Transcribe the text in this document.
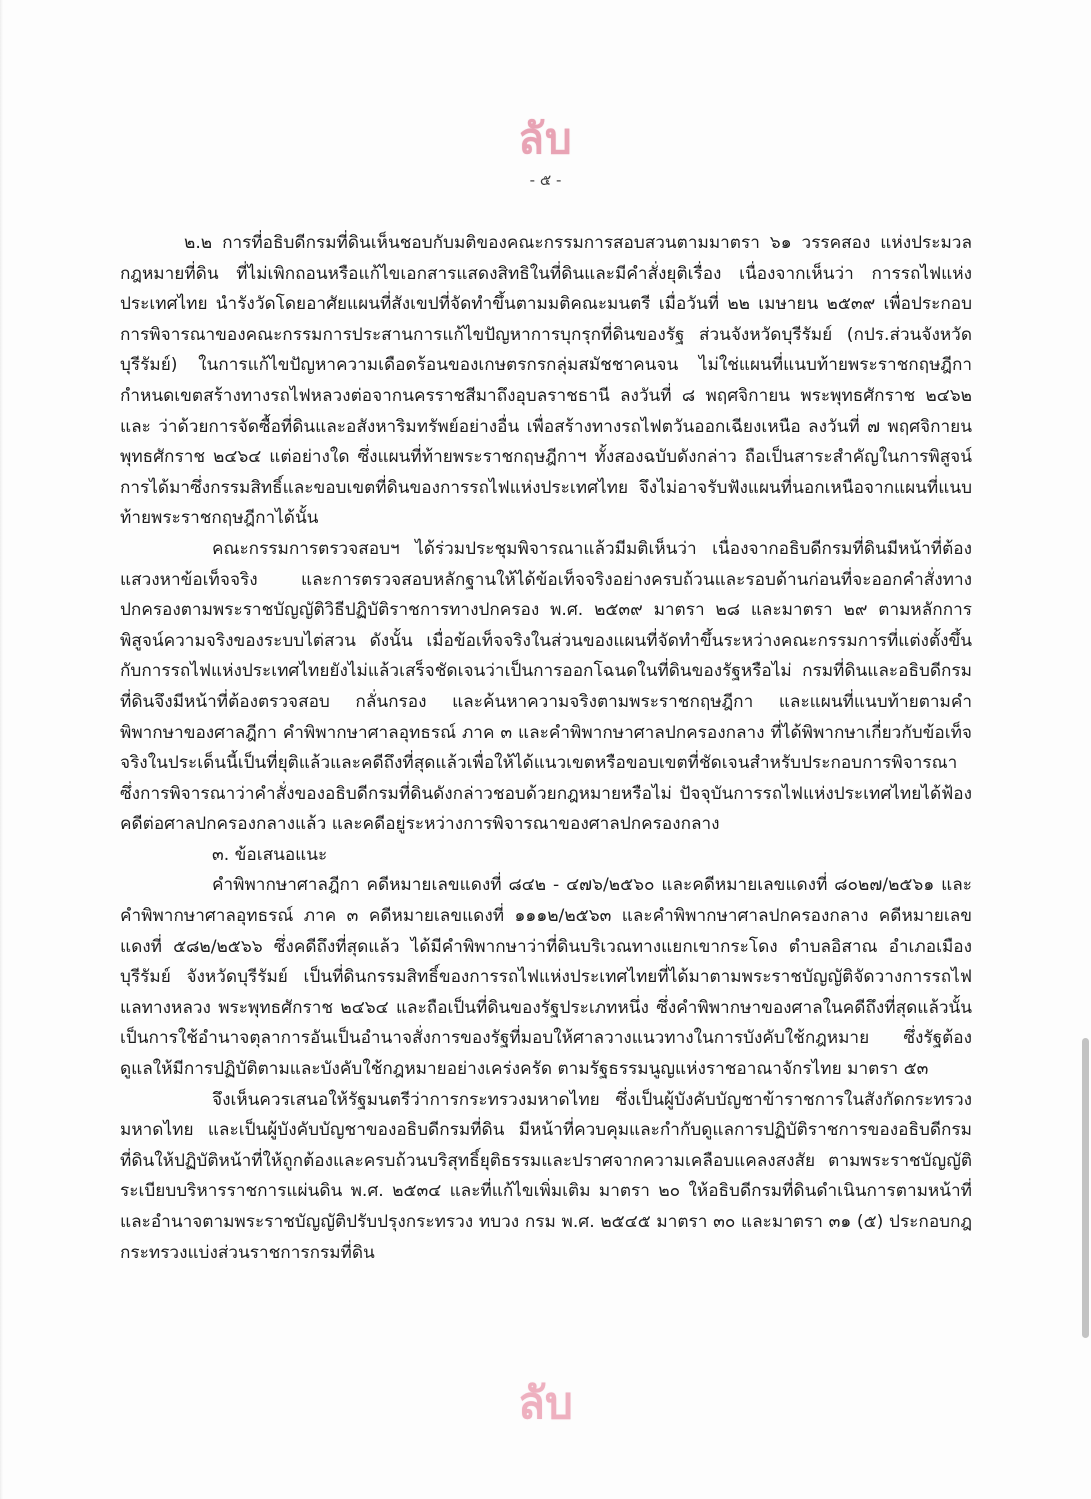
ลับ
- ๕ -

๒.๒ การที่อธิบดีกรมที่ดินเห็นชอบกับมติของคณะกรรมการสอบสวนตามมาตรา ๖๑ วรรคสอง แห่งประมวลกฎหมายที่ดิน ที่ไม่เพิกถอนหรือแก้ไขเอกสารแสดงสิทธิในที่ดินและมีคำสั่งยุติเรื่อง เนื่องจากเห็นว่า การรถไฟแห่งประเทศไทย นำรังวัดโดยอาศัยแผนที่สังเขปที่จัดทำขึ้นตามมติคณะมนตรี เมื่อวันที่ ๒๒ เมษายน ๒๕๓๙ เพื่อประกอบการพิจารณาของคณะกรรมการประสานการแก้ไขปัญหาการบุกรุกที่ดินของรัฐ ส่วนจังหวัดบุรีรัมย์ (กปร.ส่วนจังหวัดบุรีรัมย์) ในการแก้ไขปัญหาความเดือดร้อนของเกษตรกรกลุ่มสมัชชาคนจน ไม่ใช่แผนที่แนบท้ายพระราชกฤษฎีกากำหนดเขตสร้างทางรถไฟหลวงต่อจากนครราชสีมาถึงอุบลราชธานี ลงวันที่ ๘ พฤศจิกายน พระพุทธศักราช ๒๔๖๒ และ ว่าด้วยการจัดซื้อที่ดินและอสังหาริมทรัพย์อย่างอื่น เพื่อสร้างทางรถไฟตวันออกเฉียงเหนือ ลงวันที่ ๗ พฤศจิกายน พุทธศักราช ๒๔๖๔ แต่อย่างใด ซึ่งแผนที่ท้ายพระราชกฤษฎีกาฯ ทั้งสองฉบับดังกล่าว ถือเป็นสาระสำคัญในการพิสูจน์การได้มาซึ่งกรรมสิทธิ์และขอบเขตที่ดินของการรถไฟแห่งประเทศไทย จึงไม่อาจรับฟังแผนที่นอกเหนือจากแผนที่แนบท้ายพระราชกฤษฎีกาได้นั้น

คณะกรรมการตรวจสอบฯ ได้ร่วมประชุมพิจารณาแล้วมีมติเห็นว่า เนื่องจากอธิบดีกรมที่ดินมีหน้าที่ต้องแสวงหาข้อเท็จจริง และการตรวจสอบหลักฐานให้ได้ข้อเท็จจริงอย่างครบถ้วนและรอบด้านก่อนที่จะออกคำสั่งทางปกครองตามพระราชบัญญัติวิธีปฏิบัติราชการทางปกครอง พ.ศ. ๒๕๓๙ มาตรา ๒๘ และมาตรา ๒๙ ตามหลักการพิสูจน์ความจริงของระบบไต่สวน ดังนั้น เมื่อข้อเท็จจริงในส่วนของแผนที่จัดทำขึ้นระหว่างคณะกรรมการที่แต่งตั้งขึ้นกับการรถไฟแห่งประเทศไทยยังไม่แล้วเสร็จชัดเจนว่าเป็นการออกโฉนดในที่ดินของรัฐหรือไม่ กรมที่ดินและอธิบดีกรมที่ดินจึงมีหน้าที่ต้องตรวจสอบ กลั่นกรอง และค้นหาความจริงตามพระราชกฤษฎีกา และแผนที่แนบท้ายตามคำพิพากษาของศาลฎีกา คำพิพากษาศาลอุทธรณ์ ภาค ๓ และคำพิพากษาศาลปกครองกลาง ที่ได้พิพากษาเกี่ยวกับข้อเท็จจริงในประเด็นนี้เป็นที่ยุติแล้วและคดีถึงที่สุดแล้วเพื่อให้ได้แนวเขตหรือขอบเขตที่ชัดเจนสำหรับประกอบการพิจารณา ซึ่งการพิจารณาว่าคำสั่งของอธิบดีกรมที่ดินดังกล่าวชอบด้วยกฎหมายหรือไม่ ปัจจุบันการรถไฟแห่งประเทศไทยได้ฟ้องคดีต่อศาลปกครองกลางแล้ว และคดีอยู่ระหว่างการพิจารณาของศาลปกครองกลาง

๓. ข้อเสนอแนะ

คำพิพากษาศาลฎีกา คดีหมายเลขแดงที่ ๘๔๒ - ๔๗๖/๒๕๖๐ และคดีหมายเลขแดงที่ ๘๐๒๗/๒๕๖๑ และคำพิพากษาศาลอุทธรณ์ ภาค ๓ คดีหมายเลขแดงที่ ๑๑๑๒/๒๕๖๓ และคำพิพากษาศาลปกครองกลาง คดีหมายเลขแดงที่ ๕๘๒/๒๕๖๖ ซึ่งคดีถึงที่สุดแล้ว ได้มีคำพิพากษาว่าที่ดินบริเวณทางแยกเขากระโดง ตำบลอิสาณ อำเภอเมืองบุรีรัมย์ จังหวัดบุรีรัมย์ เป็นที่ดินกรรมสิทธิ์ของการรถไฟแห่งประเทศไทยที่ได้มาตามพระราชบัญญัติจัดวางการรถไฟแลทางหลวง พระพุทธศักราช ๒๔๖๔ และถือเป็นที่ดินของรัฐประเภทหนึ่ง ซึ่งคำพิพากษาของศาลในคดีถึงที่สุดแล้วนั้น เป็นการใช้อำนาจตุลาการอันเป็นอำนาจสั่งการของรัฐที่มอบให้ศาลวางแนวทางในการบังคับใช้กฎหมาย ซึ่งรัฐต้องดูแลให้มีการปฏิบัติตามและบังคับใช้กฎหมายอย่างเคร่งครัด ตามรัฐธรรมนูญแห่งราชอาณาจักรไทย มาตรา ๕๓

จึงเห็นควรเสนอให้รัฐมนตรีว่าการกระทรวงมหาดไทย ซึ่งเป็นผู้บังคับบัญชาข้าราชการในสังกัดกระทรวงมหาดไทย และเป็นผู้บังคับบัญชาของอธิบดีกรมที่ดิน มีหน้าที่ควบคุมและกำกับดูแลการปฏิบัติราชการของอธิบดีกรมที่ดินให้ปฏิบัติหน้าที่ให้ถูกต้องและครบถ้วนบริสุทธิ์ยุติธรรมและปราศจากความเคลือบแคลงสงสัย ตามพระราชบัญญัติระเบียบบริหารราชการแผ่นดิน พ.ศ. ๒๕๓๔ และที่แก้ไขเพิ่มเติม มาตรา ๒๐ ให้อธิบดีกรมที่ดินดำเนินการตามหน้าที่และอำนาจตามพระราชบัญญัติปรับปรุงกระทรวง ทบวง กรม พ.ศ. ๒๕๔๕ มาตรา ๓๐ และมาตรา ๓๑ (๕) ประกอบกฎกระทรวงแบ่งส่วนราชการกรมที่ดิน

ลับ
